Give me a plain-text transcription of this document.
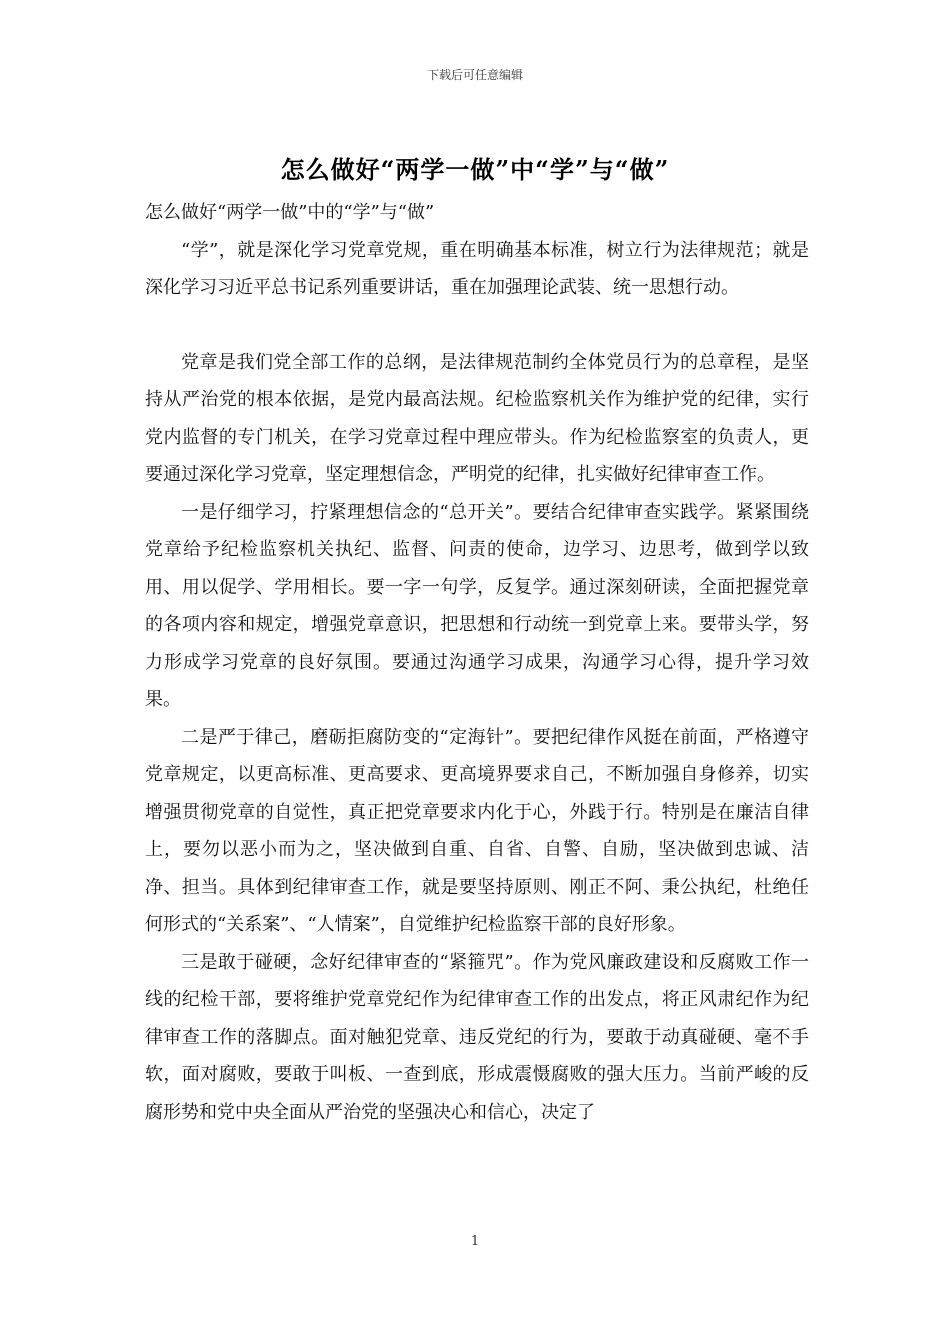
下载后可任意编辑
怎么做好“两学一做”中“学”与“做”

怎么做好“两学一做”中的“学”与“做”

“学”，就是深化学习党章党规，重在明确基本标准，树立行为法律规范；就是深化学习习近平总书记系列重要讲话，重在加强理论武装、统一思想行动。

党章是我们党全部工作的总纲，是法律规范制约全体党员行为的总章程，是坚持从严治党的根本依据，是党内最高法规。纪检监察机关作为维护党的纪律，实行党内监督的专门机关，在学习党章过程中理应带头。作为纪检监察室的负责人，更要通过深化学习党章，坚定理想信念，严明党的纪律，扎实做好纪律审查工作。

一是仔细学习，拧紧理想信念的“总开关”。要结合纪律审查实践学。紧紧围绕党章给予纪检监察机关执纪、监督、问责的使命，边学习、边思考，做到学以致用、用以促学、学用相长。要一字一句学，反复学。通过深刻研读，全面把握党章的各项内容和规定，增强党章意识，把思想和行动统一到党章上来。要带头学，努力形成学习党章的良好氛围。要通过沟通学习成果，沟通学习心得，提升学习效果。

二是严于律己，磨砺拒腐防变的“定海针”。要把纪律作风挺在前面，严格遵守党章规定，以更高标准、更高要求、更高境界要求自己，不断加强自身修养，切实增强贯彻党章的自觉性，真正把党章要求内化于心，外践于行。特别是在廉洁自律上，要勿以恶小而为之，坚决做到自重、自省、自警、自励，坚决做到忠诚、洁净、担当。具体到纪律审查工作，就是要坚持原则、刚正不阿、秉公执纪，杜绝任何形式的“关系案”、“人情案”，自觉维护纪检监察干部的良好形象。

三是敢于碰硬，念好纪律审查的“紧箍咒”。作为党风廉政建设和反腐败工作一线的纪检干部，要将维护党章党纪作为纪律审查工作的出发点，将正风肃纪作为纪律审查工作的落脚点。面对触犯党章、违反党纪的行为，要敢于动真碰硬、毫不手软，面对腐败，要敢于叫板、一查到底，形成震慑腐败的强大压力。当前严峻的反腐形势和党中央全面从严治党的坚强决心和信心，决定了

1
